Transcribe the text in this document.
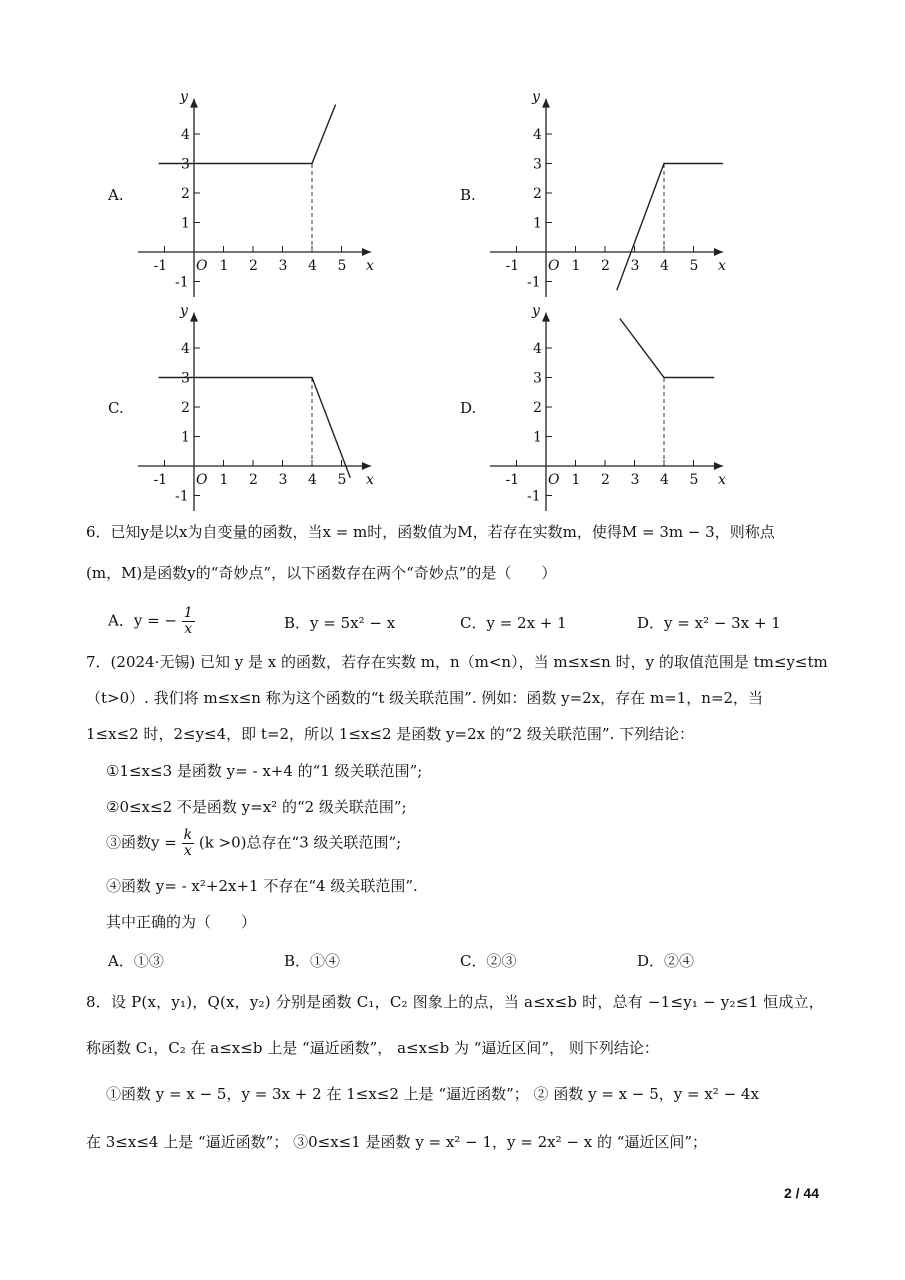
A.	B.
C.	D.
-1	1 2 3 4 5
4
3
2
1
-1
O	x
y
-1	1 2 3 4 5
4
3
2
1
-1
O	x
y
-1	1 2 3 4 5
4
3
2
1
-1
O	x
y
-1	1 2 3 4 5
4
3
2
1
-1
O	x
y
6．已知y是以x为自变量的函数，当x = m时，函数值为M，若存在实数m，使得M = 3m − 3，则称点
(m，M)是函数y的“奇妙点”，以下函数存在两个“奇妙点”的是（　　）
A．y = − $\frac{1}{x}$	B．y = 5x² − x	C．y = 2x + 1	D．y = x² − 3x + 1
7．(2024·无锡) 已知 y 是 x 的函数，若存在实数 m，n（m<n），当 m≤x≤n 时，y 的取值范围是 tm≤y≤tm
（t>0）. 我们将 m≤x≤n 称为这个函数的“t 级关联范围”. 例如：函数 y=2x，存在 m=1，n=2，当
1≤x≤2 时，2≤y≤4，即 t=2，所以 1≤x≤2 是函数 y=2x 的“2 级关联范围”. 下列结论：
①1≤x≤3 是函数 y= - x+4 的“1 级关联范围”;
②0≤x≤2 不是函数 y=x² 的“2 级关联范围”;
③函数$y = \frac{k}{x} (k >0)$总存在“3 级关联范围”;
④函数 y= - x²+2x+1 不存在“4 级关联范围”.
其中正确的为（　　）
A．①③	B．①④	C．②③	D．②④
8．设 P(x，y₁)，Q(x，y₂) 分别是函数 C₁，C₂ 图象上的点，当 a≤x≤b 时，总有 −1≤y₁ − y₂≤1 恒成立，
称函数 C₁，C₂ 在 a≤x≤b 上是 “逼近函数”， a≤x≤b 为 “逼近区间”， 则下列结论：
①函数 y = x − 5，y = 3x + 2 在 1≤x≤2 上是 “逼近函数”； ② 函数 y = x − 5，y = x² − 4x
在 3≤x≤4 上是 “逼近函数”； ③0≤x≤1 是函数 y = x² − 1，y = 2x² − x 的 “逼近区间”；
2 / 44
